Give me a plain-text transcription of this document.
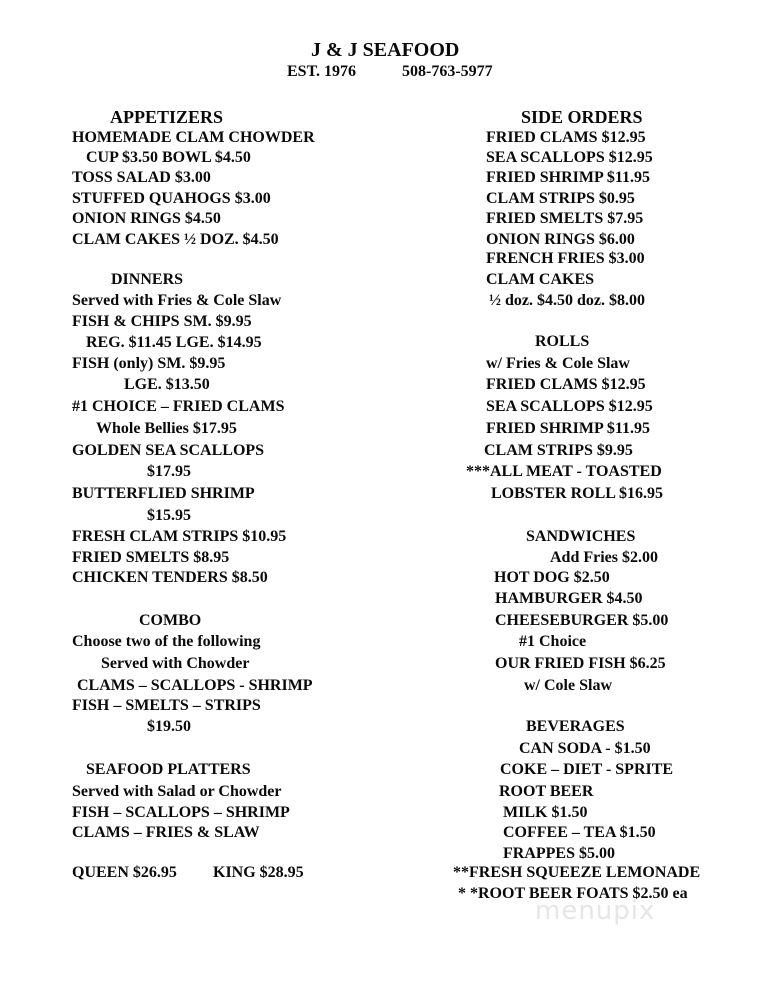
J & J SEAFOOD
EST. 1976	508-763-5977
APPETIZERS
HOMEMADE CLAM CHOWDER
CUP $3.50 BOWL $4.50
TOSS SALAD $3.00
STUFFED QUAHOGS $3.00
ONION RINGS $4.50
CLAM CAKES ½ DOZ. $4.50
DINNERS
Served with Fries & Cole Slaw
FISH & CHIPS SM. $9.95
REG. $11.45 LGE. $14.95
FISH (only) SM. $9.95
LGE. $13.50
#1 CHOICE – FRIED CLAMS
Whole Bellies $17.95
GOLDEN SEA SCALLOPS
$17.95
BUTTERFLIED SHRIMP
$15.95
FRESH CLAM STRIPS $10.95
FRIED SMELTS $8.95
CHICKEN TENDERS $8.50
COMBO
Choose two of the following
Served with Chowder
CLAMS – SCALLOPS - SHRIMP
FISH – SMELTS – STRIPS
$19.50
SEAFOOD PLATTERS
Served with Salad or Chowder
FISH – SCALLOPS – SHRIMP
CLAMS – FRIES & SLAW
QUEEN $26.95 KING $28.95
SIDE ORDERS
FRIED CLAMS $12.95
SEA SCALLOPS $12.95
FRIED SHRIMP $11.95
CLAM STRIPS $0.95
FRIED SMELTS $7.95
ONION RINGS $6.00
FRENCH FRIES $3.00
CLAM CAKES
½ doz. $4.50 doz. $8.00
ROLLS
w/ Fries & Cole Slaw
FRIED CLAMS $12.95
SEA SCALLOPS $12.95
FRIED SHRIMP $11.95
CLAM STRIPS $9.95
***ALL MEAT - TOASTED
LOBSTER ROLL $16.95
SANDWICHES
Add Fries $2.00
HOT DOG $2.50
HAMBURGER $4.50
CHEESEBURGER $5.00
#1 Choice
OUR FRIED FISH $6.25
w/ Cole Slaw
BEVERAGES
CAN SODA - $1.50
COKE – DIET - SPRITE
ROOT BEER
MILK $1.50
COFFEE – TEA $1.50
FRAPPES $5.00
**FRESH SQUEEZE LEMONADE
* *ROOT BEER FOATS $2.50 ea
menupix
